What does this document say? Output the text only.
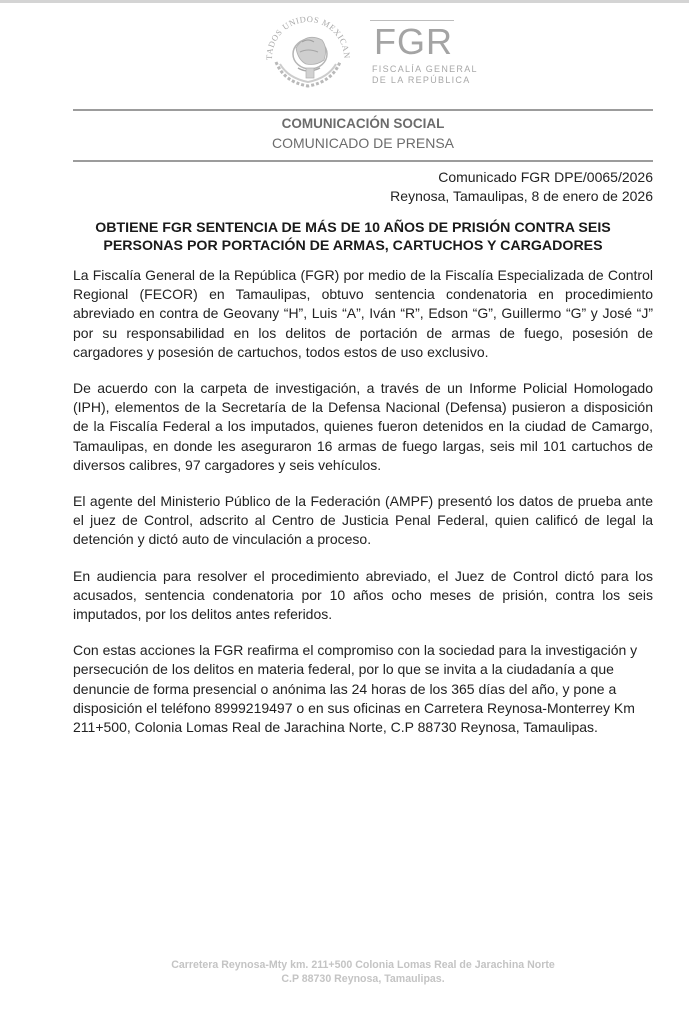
TADOS UNIDOS MEXICAN FGR
FISCALÍA GENERAL
DE LA REPÚBLICA
COMUNICACIÓN SOCIAL
COMUNICADO DE PRENSA
Comunicado FGR DPE/0065/2026
Reynosa, Tamaulipas, 8 de enero de 2026
OBTIENE FGR SENTENCIA DE MÁS DE 10 AÑOS DE PRISIÓN CONTRA SEIS
PERSONAS POR PORTACIÓN DE ARMAS, CARTUCHOS Y CARGADORES

La Fiscalía General de la República (FGR) por medio de la Fiscalía Especializada de Control Regional (FECOR) en Tamaulipas, obtuvo sentencia condenatoria en procedimiento abreviado en contra de Geovany “H”, Luis “A”, Iván “R”, Edson “G”, Guillermo “G” y José “J” por su responsabilidad en los delitos de portación de armas de fuego, posesión de cargadores y posesión de cartuchos, todos estos de uso exclusivo.

De acuerdo con la carpeta de investigación, a través de un Informe Policial Homologado (IPH), elementos de la Secretaría de la Defensa Nacional (Defensa) pusieron a disposición de la Fiscalía Federal a los imputados, quienes fueron detenidos en la ciudad de Camargo, Tamaulipas, en donde les aseguraron 16 armas de fuego largas, seis mil 101 cartuchos de diversos calibres, 97 cargadores y seis vehículos.

El agente del Ministerio Público de la Federación (AMPF) presentó los datos de prueba ante el juez de Control, adscrito al Centro de Justicia Penal Federal, quien calificó de legal la detención y dictó auto de vinculación a proceso.

En audiencia para resolver el procedimiento abreviado, el Juez de Control dictó para los acusados, sentencia condenatoria por 10 años ocho meses de prisión, contra los seis imputados, por los delitos antes referidos.

Con estas acciones la FGR reafirma el compromiso con la sociedad para la investigación y persecución de los delitos en materia federal, por lo que se invita a la ciudadanía a que denuncie de forma presencial o anónima las 24 horas de los 365 días del año, y pone a disposición el teléfono 8999219497 o en sus oficinas en Carretera Reynosa-Monterrey Km 211+500, Colonia Lomas Real de Jarachina Norte, C.P 88730 Reynosa, Tamaulipas.

Carretera Reynosa-Mty km. 211+500 Colonia Lomas Real de Jarachina Norte
C.P 88730 Reynosa, Tamaulipas.
